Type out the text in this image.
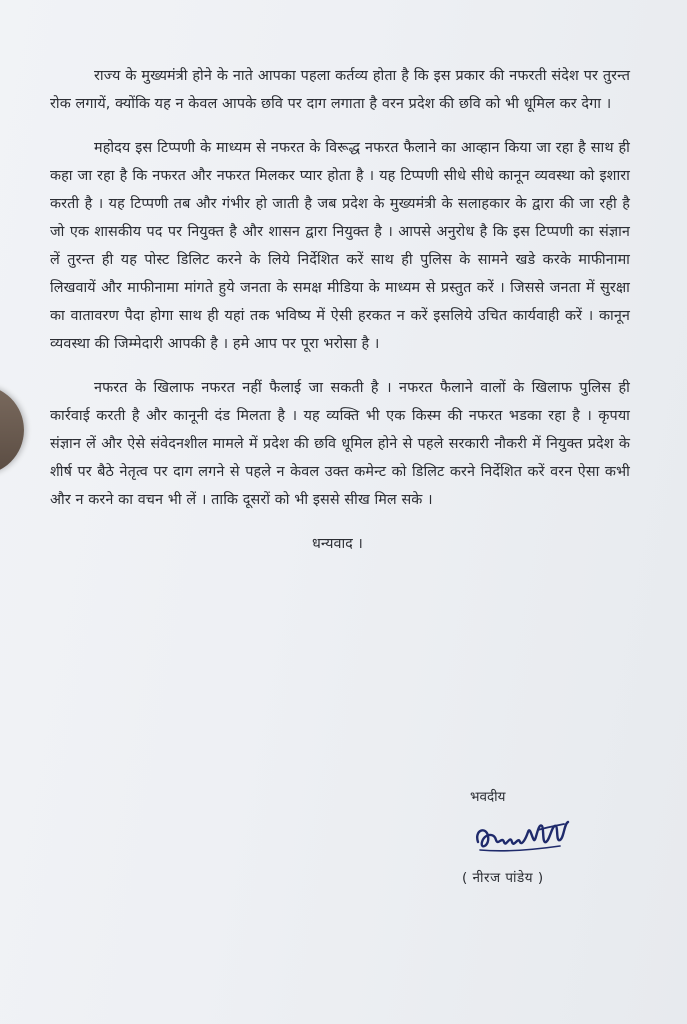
राज्य के मुख्यमंत्री होने के नाते आपका पहला कर्तव्य होता है कि इस प्रकार की नफरती संदेश पर तुरन्त रोक लगायें, क्योंकि यह न केवल आपके छवि पर दाग लगाता है वरन प्रदेश की छवि को भी धूमिल कर देगा ।

महोदय इस टिप्पणी के माध्यम से नफरत के विरूद्ध नफरत फैलाने का आव्हान किया जा रहा है साथ ही कहा जा रहा है कि नफरत और नफरत मिलकर प्यार होता है । यह टिप्पणी सीधे सीधे कानून व्यवस्था को इशारा करती है । यह टिप्पणी तब और गंभीर हो जाती है जब प्रदेश के मुख्यमंत्री के सलाहकार के द्वारा की जा रही है जो एक शासकीय पद पर नियुक्त है और शासन द्वारा नियुक्त है । आपसे अनुरोध है कि इस टिप्पणी का संज्ञान लें तुरन्त ही यह पोस्ट डिलिट करने के लिये निर्देशित करें साथ ही पुलिस के सामने खडे करके माफीनामा लिखवायें और माफीनामा मांगते हुये जनता के समक्ष मीडिया के माध्यम से प्रस्तुत करें । जिससे जनता में सुरक्षा का वातावरण पैदा होगा साथ ही यहां तक भविष्य में ऐसी हरकत न करें इसलिये उचित कार्यवाही करें । कानून व्यवस्था की जिम्मेदारी आपकी है । हमे आप पर पूरा भरोसा है ।

नफरत के खिलाफ नफरत नहीं फैलाई जा सकती है । नफरत फैलाने वालों के खिलाफ पुलिस ही कार्रवाई करती है और कानूनी दंड मिलता है । यह व्यक्ति भी एक किस्म की नफरत भडका रहा है । कृपया संज्ञान लें और ऐसे संवेदनशील मामले में प्रदेश की छवि धूमिल होने से पहले सरकारी नौकरी में नियुक्त प्रदेश के शीर्ष पर बैठे नेतृत्व पर दाग लगने से पहले न केवल उक्त कमेन्ट को डिलिट करने निर्देशित करें वरन ऐसा कभी और न करने का वचन भी लें । ताकि दूसरों को भी इससे सीख मिल सके ।

धन्यवाद ।

भवदीय
( नीरज पांडेय )
